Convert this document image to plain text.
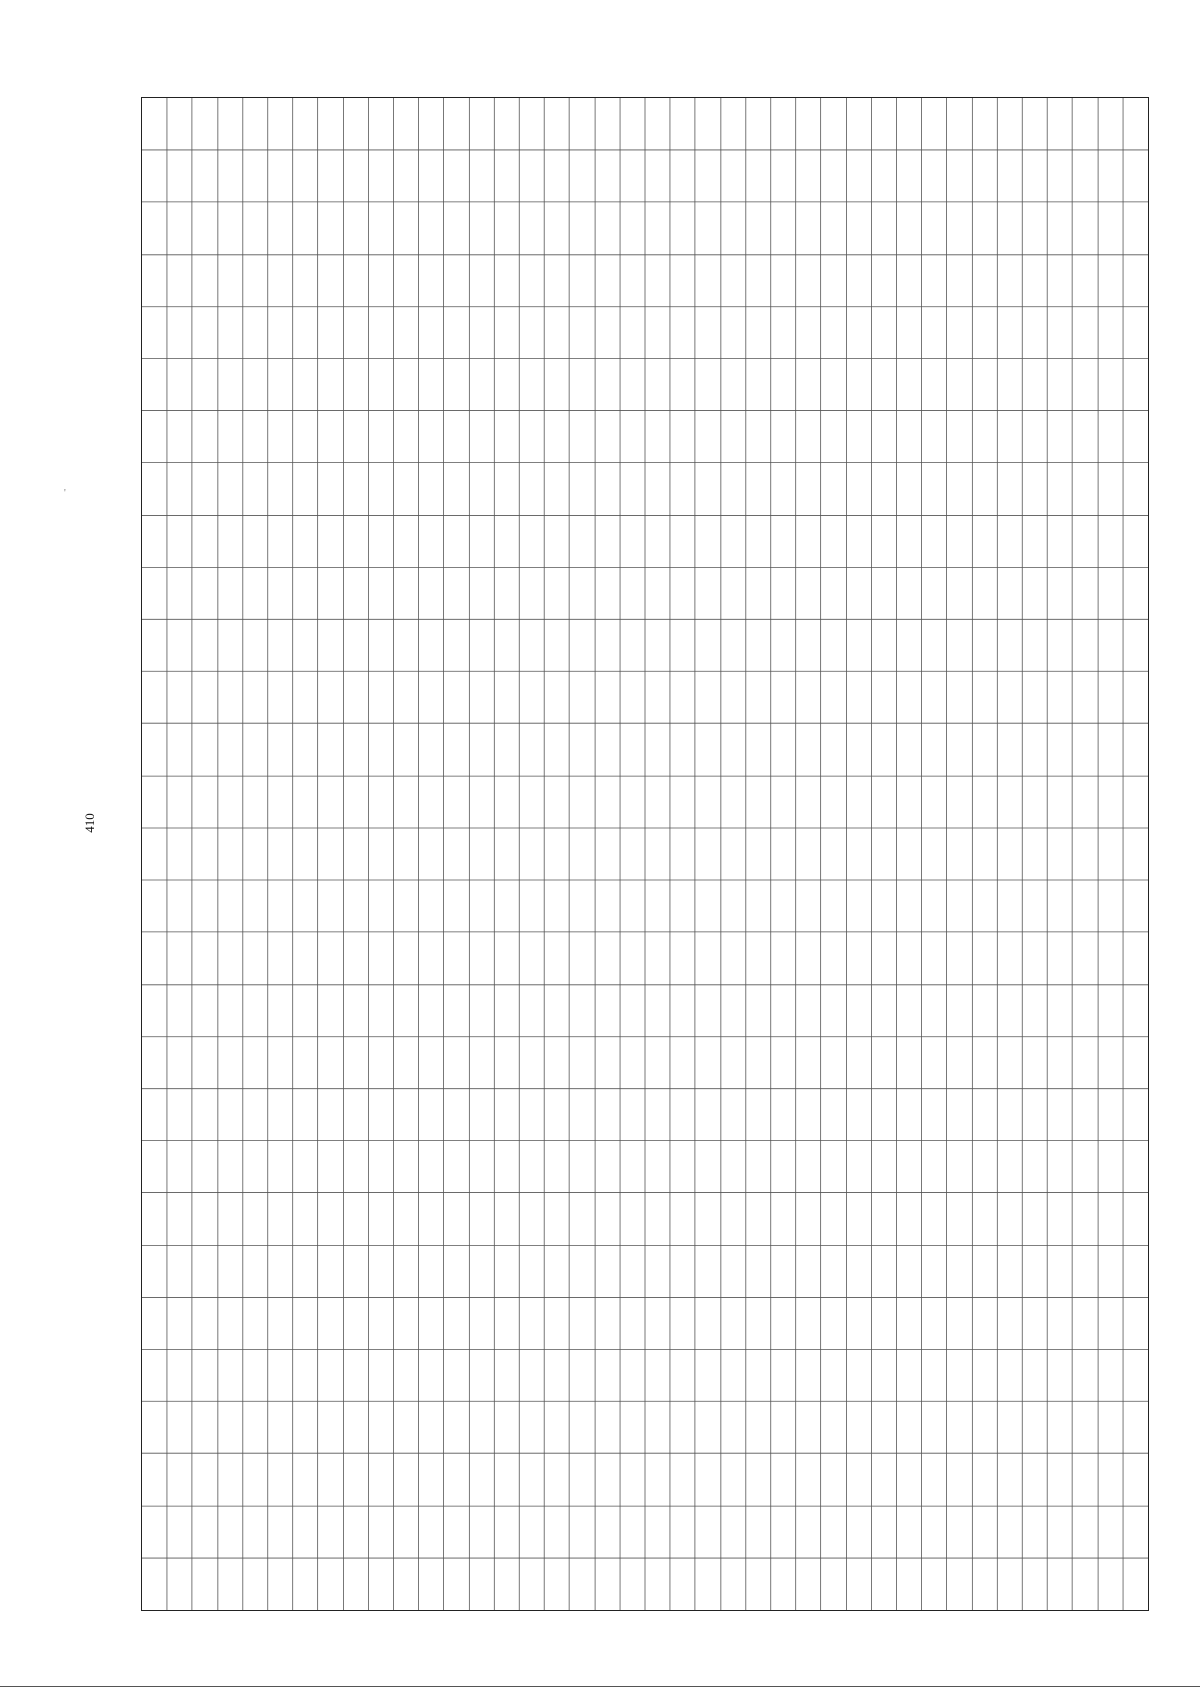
410
'
